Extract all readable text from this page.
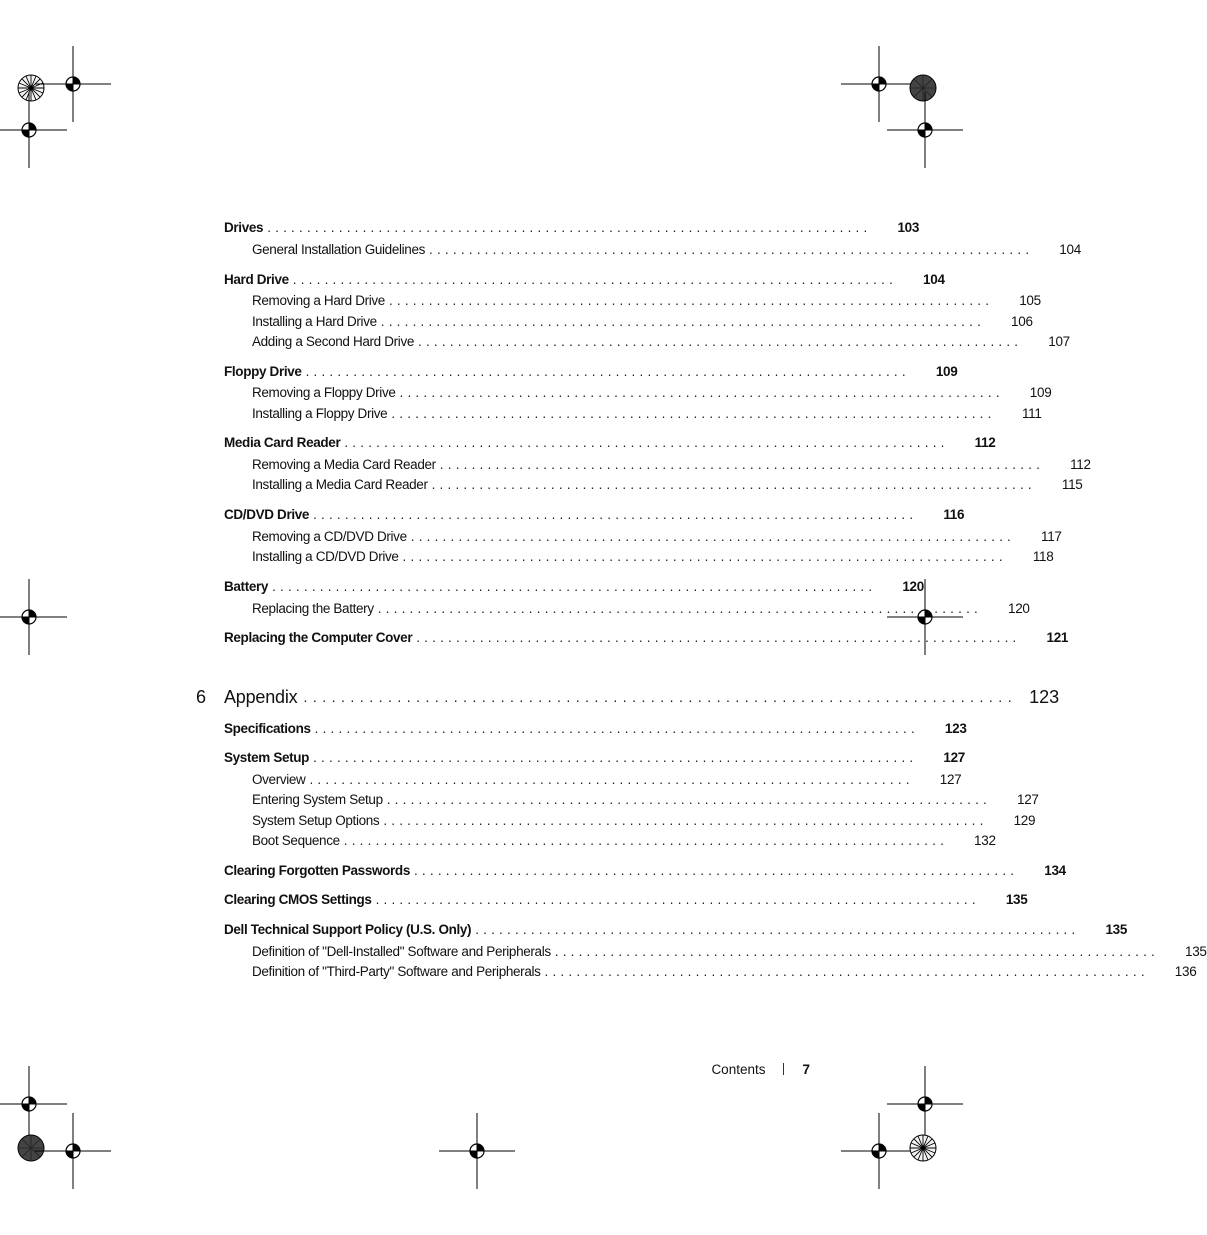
Drives ............................................................................ 103
General Installation Guidelines ............................................................................ 104
Hard Drive ............................................................................ 104
Removing a Hard Drive ............................................................................ 105
Installing a Hard Drive ............................................................................ 106
Adding a Second Hard Drive ............................................................................ 107
Floppy Drive ............................................................................ 109
Removing a Floppy Drive ............................................................................ 109
Installing a Floppy Drive ............................................................................ 111
Media Card Reader ............................................................................ 112
Removing a Media Card Reader ............................................................................ 112
Installing a Media Card Reader ............................................................................ 115
CD/DVD Drive ............................................................................ 116
Removing a CD/DVD Drive ............................................................................ 117
Installing a CD/DVD Drive ............................................................................ 118
Battery ............................................................................ 120
Replacing the Battery ............................................................................ 120
Replacing the Computer Cover ............................................................................ 121
6 Appendix ............................................................................ 123
Specifications ............................................................................ 123
System Setup ............................................................................ 127
Overview ............................................................................ 127
Entering System Setup ............................................................................ 127
System Setup Options ............................................................................ 129
Boot Sequence ............................................................................ 132
Clearing Forgotten Passwords ............................................................................ 134
Clearing CMOS Settings ............................................................................ 135
Dell Technical Support Policy (U.S. Only) ............................................................................ 135
Definition of "Dell-Installed" Software and Peripherals ............................................................................ 135
Definition of "Third-Party" Software and Peripherals ............................................................................ 136
Contents	7
